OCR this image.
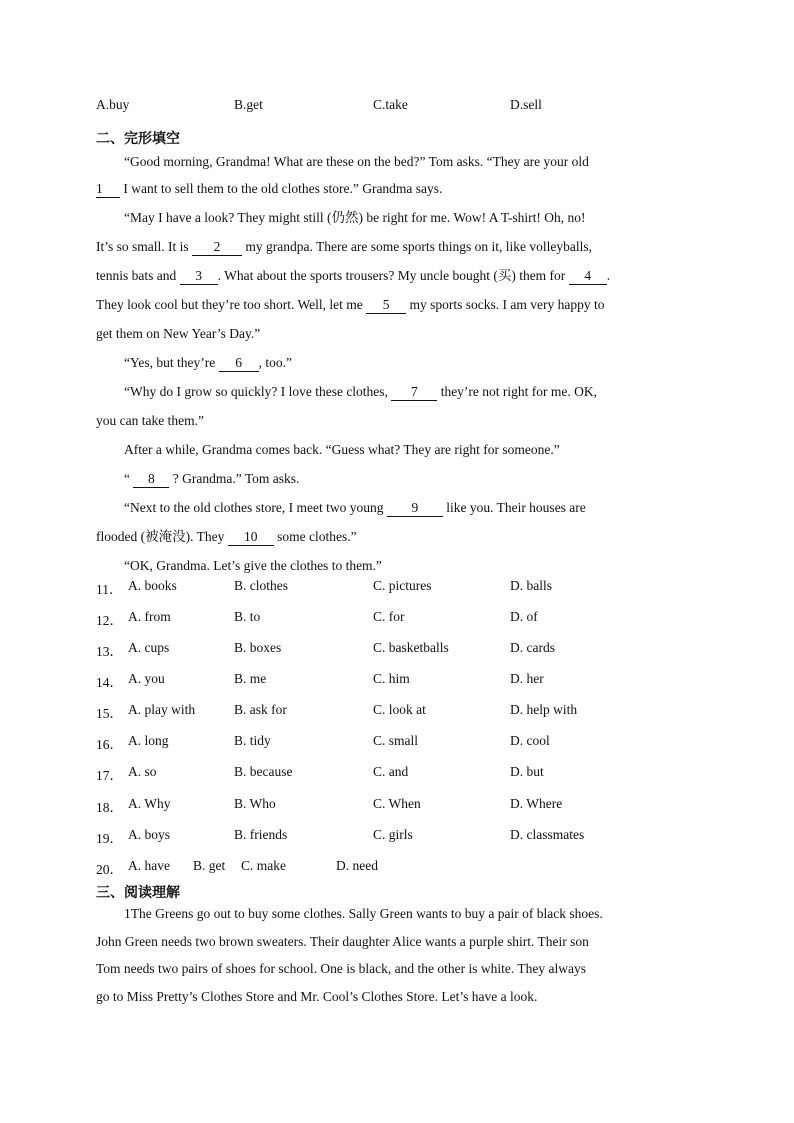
A.buy	B.get	C.take	D.sell
二、完形填空
“Good morning, Grandma! What are these on the bed?” Tom asks. “They are your old
1 I want to sell them to the old clothes store.” Grandma says.
“May I have a look? They might still (仍然) be right for me. Wow! A T-shirt! Oh, no!
It’s so small. It is 2 my grandpa. There are some sports things on it, like volleyballs,
tennis bats and 3 . What about the sports trousers? My uncle bought (买) them for 4 .
They look cool but they’re too short. Well, let me 5 my sports socks. I am very happy to
get them on New Year’s Day.”
“Yes, but they’re 6 , too.”
“Why do I grow so quickly? I love these clothes, 7 they’re not right for me. OK,
you can take them.”
After a while, Grandma comes back. “Guess what? They are right for someone.”
“ 8 ? Grandma.” Tom asks.
“Next to the old clothes store, I meet two young 9 like you. Their houses are
flooded (被淹没). They 10 some clothes.”
“OK, Grandma. Let’s give the clothes to them.”
11． A. books	B. clothes	C. pictures	D. balls
12． A. from	B. to	C. for	D. of
13． A. cups	B. boxes	C. basketballs	D. cards
14． A. you	B. me	C. him	D. her
15． A. play with	B. ask for	C. look at	D. help with
16． A. long	B. tidy	C. small	D. cool
17． A. so	B. because	C. and	D. but
18． A. Why	B. Who	C. When	D. Where
19． A. boys	B. friends	C. girls	D. classmates
20． A. have B. get C. make	D. need
三、阅读理解
1The Greens go out to buy some clothes. Sally Green wants to buy a pair of black shoes.
John Green needs two brown sweaters. Their daughter Alice wants a purple shirt. Their son
Tom needs two pairs of shoes for school. One is black, and the other is white. They always
go to Miss Pretty’s Clothes Store and Mr. Cool’s Clothes Store. Let’s have a look.
